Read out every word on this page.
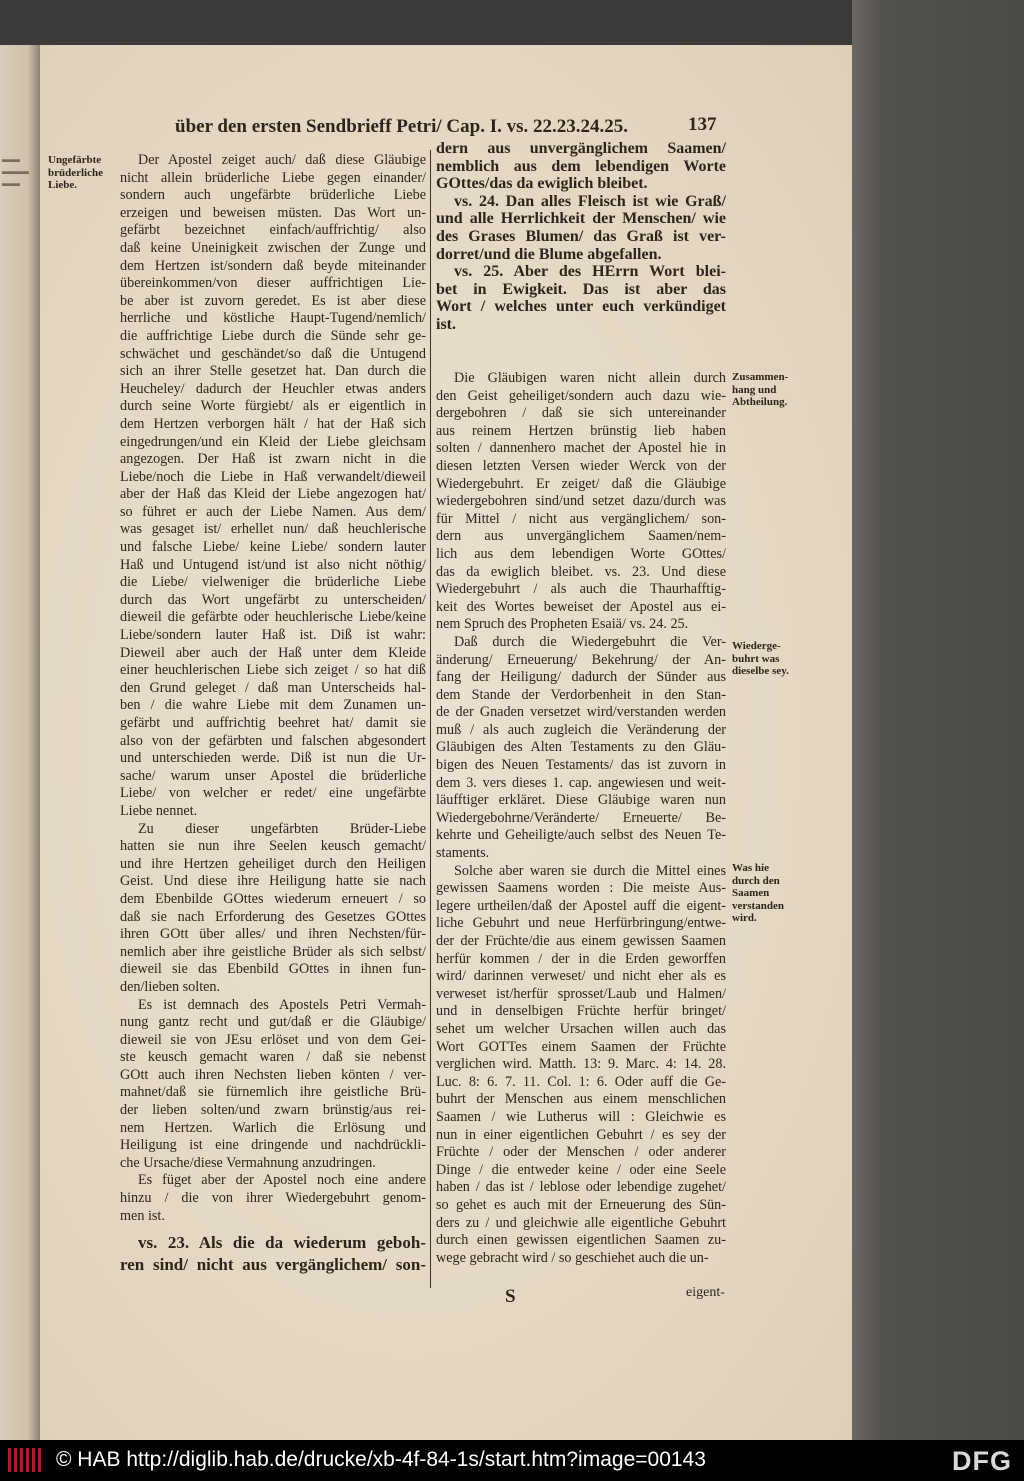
▬▬
▬▬▬
▬▬
über den ersten Sendbrieff Petri/ Cap. I. vs. 22.23.24.25.	137
Ungefärbte
brüderliche
Liebe.
Zusammen-
hang und
Abtheilung.
Wiederge-
buhrt was
dieselbe sey.
Was hie
durch den
Saamen
verstanden
wird.
Der Apostel zeiget auch/ daß diese Gläubige
nicht allein brüderliche Liebe gegen einander/
sondern auch ungefärbte brüderliche Liebe
erzeigen und beweisen müsten. Das Wort un-
gefärbt bezeichnet einfach/auffrichtig/ also
daß keine Uneinigkeit zwischen der Zunge und
dem Hertzen ist/sondern daß beyde miteinander
übereinkommen/von dieser auffrichtigen Lie-
be aber ist zuvorn geredet. Es ist aber diese
herrliche und köstliche Haupt-Tugend/nemlich/
die auffrichtige Liebe durch die Sünde sehr ge-
schwächet und geschändet/so daß die Untugend
sich an ihrer Stelle gesetzet hat. Dan durch die
Heucheley/ dadurch der Heuchler etwas anders
durch seine Worte fürgiebt/ als er eigentlich in
dem Hertzen verborgen hält / hat der Haß sich
eingedrungen/und ein Kleid der Liebe gleichsam
angezogen. Der Haß ist zwarn nicht in die
Liebe/noch die Liebe in Haß verwandelt/dieweil
aber der Haß das Kleid der Liebe angezogen hat/
so führet er auch der Liebe Namen. Aus dem/
was gesaget ist/ erhellet nun/ daß heuchlerische
und falsche Liebe/ keine Liebe/ sondern lauter
Haß und Untugend ist/und ist also nicht nöthig/
die Liebe/ vielweniger die brüderliche Liebe
durch das Wort ungefärbt zu unterscheiden/
dieweil die gefärbte oder heuchlerische Liebe/keine
Liebe/sondern lauter Haß ist. Diß ist wahr:
Dieweil aber auch der Haß unter dem Kleide
einer heuchlerischen Liebe sich zeiget / so hat diß
den Grund geleget / daß man Unterscheids hal-
ben / die wahre Liebe mit dem Zunamen un-
gefärbt und auffrichtig beehret hat/ damit sie
also von der gefärbten und falschen abgesondert
und unterschieden werde. Diß ist nun die Ur-
sache/ warum unser Apostel die brüderliche
Liebe/ von welcher er redet/ eine ungefärbte
Liebe nennet.
Zu dieser ungefärbten Brüder-Liebe
hatten sie nun ihre Seelen keusch gemacht/
und ihre Hertzen geheiliget durch den Heiligen
Geist. Und diese ihre Heiligung hatte sie nach
dem Ebenbilde GOttes wiederum erneuert / so
daß sie nach Erforderung des Gesetzes GOttes
ihren GOtt über alles/ und ihren Nechsten/für-
nemlich aber ihre geistliche Brüder als sich selbst/
dieweil sie das Ebenbild GOttes in ihnen fun-
den/lieben solten.
Es ist demnach des Apostels Petri Vermah-
nung gantz recht und gut/daß er die Gläubige/
dieweil sie von JEsu erlöset und von dem Gei-
ste keusch gemacht waren / daß sie nebenst
GOtt auch ihren Nechsten lieben könten / ver-
mahnet/daß sie fürnemlich ihre geistliche Brü-
der lieben solten/und zwarn brünstig/aus rei-
nem Hertzen. Warlich die Erlösung und
Heiligung ist eine dringende und nachdrückli-
che Ursache/diese Vermahnung anzudringen.
Es füget aber der Apostel noch eine andere
hinzu / die von ihrer Wiedergebuhrt genom-
men ist.
vs. 23. Als die da wiederum geboh-
ren sind/ nicht aus vergänglichem/ son-
dern aus unvergänglichem Saamen/
nemblich aus dem lebendigen Worte
GOttes/das da ewiglich bleibet.
vs. 24. Dan alles Fleisch ist wie Graß/
und alle Herrlichkeit der Menschen/ wie
des Grases Blumen/ das Graß ist ver-
dorret/und die Blume abgefallen.
vs. 25. Aber des HErrn Wort blei-
bet in Ewigkeit. Das ist aber das
Wort / welches unter euch verkündiget
ist.
Die Gläubigen waren nicht allein durch
den Geist geheiliget/sondern auch dazu wie-
dergebohren / daß sie sich untereinander
aus reinem Hertzen brünstig lieb haben
solten / dannenhero machet der Apostel hie in
diesen letzten Versen wieder Werck von der
Wiedergebuhrt. Er zeiget/ daß die Gläubige
wiedergebohren sind/und setzet dazu/durch was
für Mittel / nicht aus vergänglichem/ son-
dern aus unvergänglichem Saamen/nem-
lich aus dem lebendigen Worte GOttes/
das da ewiglich bleibet. vs. 23. Und diese
Wiedergebuhrt / als auch die Thaurhafftig-
keit des Wortes beweiset der Apostel aus ei-
nem Spruch des Propheten Esaiä/ vs. 24. 25.
Daß durch die Wiedergebuhrt die Ver-
änderung/ Erneuerung/ Bekehrung/ der An-
fang der Heiligung/ dadurch der Sünder aus
dem Stande der Verdorbenheit in den Stan-
de der Gnaden versetzet wird/verstanden werden
muß / als auch zugleich die Veränderung der
Gläubigen des Alten Testaments zu den Gläu-
bigen des Neuen Testaments/ das ist zuvorn in
dem 3. vers dieses 1. cap. angewiesen und weit-
läufftiger erkläret. Diese Gläubige waren nun
Wiedergebohrne/Veränderte/ Erneuerte/ Be-
kehrte und Geheiligte/auch selbst des Neuen Te-
staments.
Solche aber waren sie durch die Mittel eines
gewissen Saamens worden : Die meiste Aus-
legere urtheilen/daß der Apostel auff die eigent-
liche Gebuhrt und neue Herfürbringung/entwe-
der der Früchte/die aus einem gewissen Saamen
herfür kommen / der in die Erden geworffen
wird/ darinnen verweset/ und nicht eher als es
verweset ist/herfür sprosset/Laub und Halmen/
und in denselbigen Früchte herfür bringet/
sehet um welcher Ursachen willen auch das
Wort GOTTes einem Saamen der Früchte
verglichen wird. Matth. 13: 9. Marc. 4: 14. 28.
Luc. 8: 6. 7. 11. Col. 1: 6. Oder auff die Ge-
buhrt der Menschen aus einem menschlichen
Saamen / wie Lutherus will : Gleichwie es
nun in einer eigentlichen Gebuhrt / es sey der
Früchte / oder der Menschen / oder anderer
Dinge / die entweder keine / oder eine Seele
haben / das ist / leblose oder lebendige zugehet/
so gehet es auch mit der Erneuerung des Sün-
ders zu / und gleichwie alle eigentliche Gebuhrt
durch einen gewissen eigentlichen Saamen zu-
wege gebracht wird / so geschiehet auch die un-
S	eigent-
© HAB http://diglib.hab.de/drucke/xb-4f-84-1s/start.htm?image=00143	DFG
